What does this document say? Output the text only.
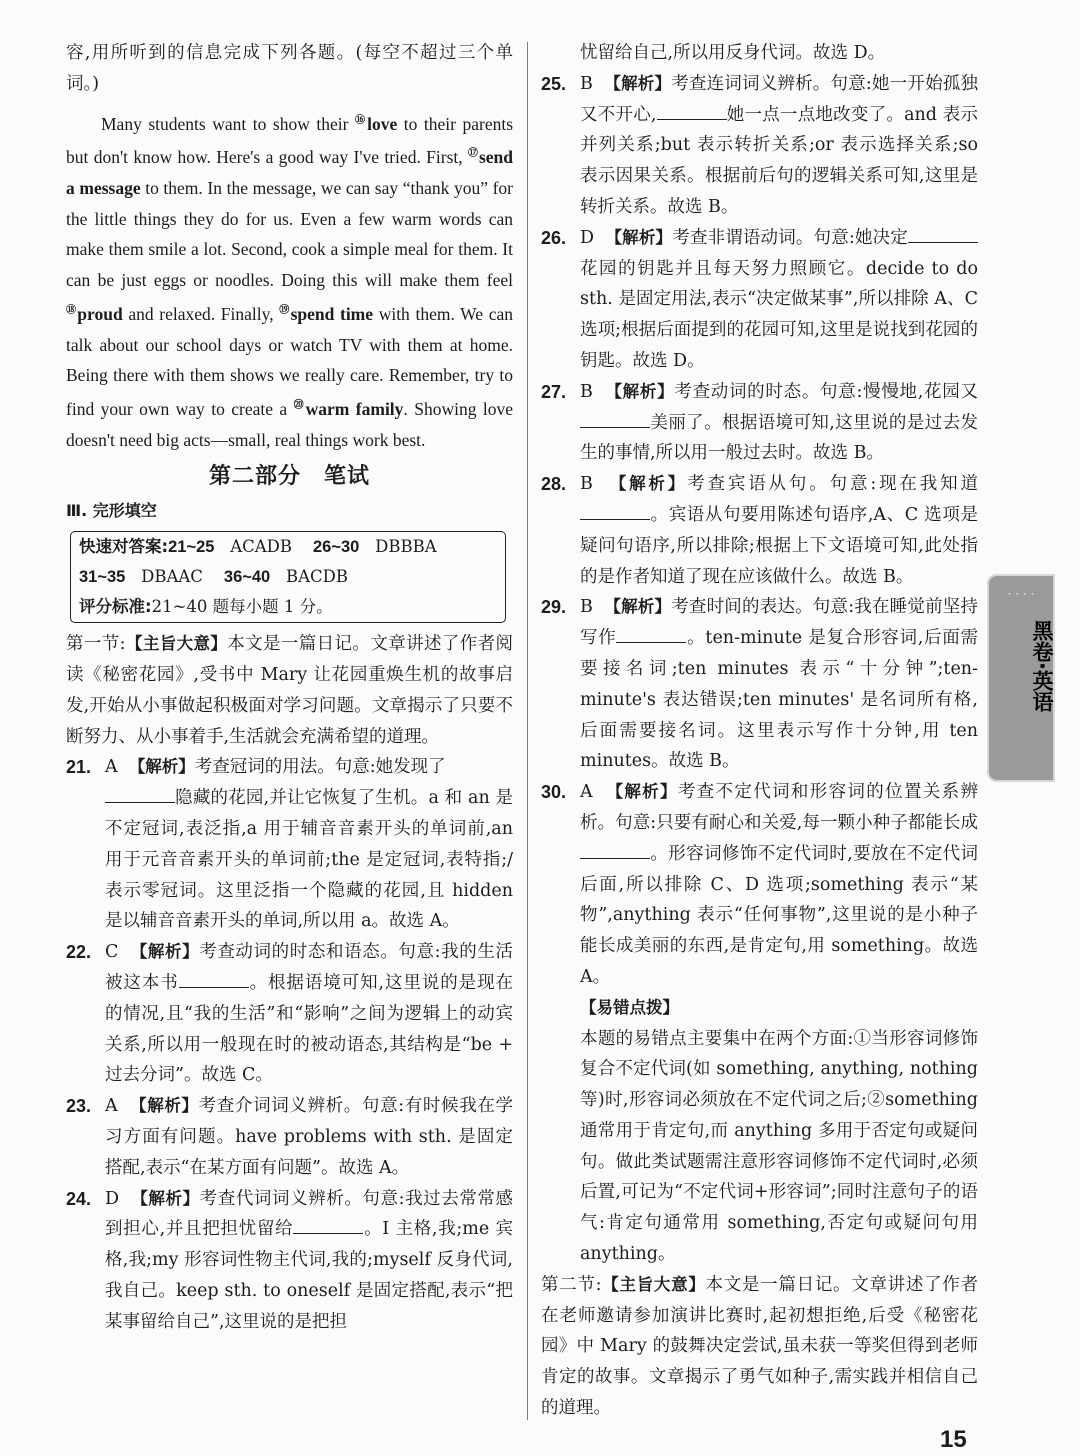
容,用所听到的信息完成下列各题。(每空不超过三个单词。)

Many students want to show their ⑯love to their parents but don't know how. Here's a good way I've tried. First, ⑰send a message to them. In the message, we can say “thank you” for the little things they do for us. Even a few warm words can make them smile a lot. Second, cook a simple meal for them. It can be just eggs or noodles. Doing this will make them feel ⑱proud and relaxed. Finally, ⑲spend time with them. We can talk about our school days or watch TV with them at home. Being there with them shows we really care. Remember, try to find your own way to create a ⑳warm family. Showing love doesn't need big acts—small, real things work best.

第二部分　笔试
Ⅲ. 完形填空
快速对答案:21~25 ACADB 26~30 DBBBA
31~35 DBAAC 36~40 BACDB
评分标准:21~40 题每小题 1 分。

第一节:【主旨大意】本文是一篇日记。文章讲述了作者阅读《秘密花园》,受书中 Mary 让花园重焕生机的故事启发,开始从小事做起积极面对学习问题。文章揭示了只要不断努力、从小事着手,生活就会充满希望的道理。

21. A 【解析】考查冠词的用法。句意:她发现了
隐藏的花园,并让它恢复了生机。a 和 an 是不定冠词,表泛指,a 用于辅音音素开头的单词前,an 用于元音音素开头的单词前;the 是定冠词,表特指;/ 表示零冠词。这里泛指一个隐藏的花园,且 hidden 是以辅音音素开头的单词,所以用 a。故选 A。
22. C 【解析】考查动词的时态和语态。句意:我的生活被这本书	。根据语境可知,这里说的是现在的情况,且“我的生活”和“影响”之间为逻辑上的动宾关系,所以用一般现在时的被动语态,其结构是“be + 过去分词”。故选 C。
23. A 【解析】考查介词词义辨析。句意:有时候我在学习方面有问题。have problems with sth. 是固定搭配,表示“在某方面有问题”。故选 A。
24. D 【解析】考查代词词义辨析。句意:我过去常常感到担心,并且把担忧留给	。I 主格,我;me 宾格,我;my 形容词性物主代词,我的;myself 反身代词,我自己。keep sth. to oneself 是固定搭配,表示“把某事留给自己”,这里说的是把担

忧留给自己,所以用反身代词。故选 D。

25. B 【解析】考查连词词义辨析。句意:她一开始孤独又不开心,	她一点一点地改变了。and 表示并列关系;but 表示转折关系;or 表示选择关系;so 表示因果关系。根据前后句的逻辑关系可知,这里是转折关系。故选 B。
26. D 【解析】考查非谓语动词。句意:她决定花园的钥匙并且每天努力照顾它。decide to do sth. 是固定用法,表示“决定做某事”,所以排除 A、C 选项;根据后面提到的花园可知,这里是说找到花园的钥匙。故选 D。
27. B 【解析】考查动词的时态。句意:慢慢地,花园又美丽了。根据语境可知,这里说的是过去发生的事情,所以用一般过去时。故选 B。
28. B 【解析】考查宾语从句。句意:现在我知道。宾语从句要用陈述句语序,A、C 选项是疑问句语序,所以排除;根据上下文语境可知,此处指的是作者知道了现在应该做什么。故选 B。
29. B 【解析】考查时间的表达。句意:我在睡觉前坚持写作	。ten-minute 是复合形容词,后面需要接名词;ten minutes 表示“十分钟”;ten-minute's 表达错误;ten minutes' 是名词所有格,后面需要接名词。这里表示写作十分钟,用 ten minutes。故选 B。
30. A 【解析】考查不定代词和形容词的位置关系辨析。句意:只要有耐心和关爱,每一颗小种子都能长成。形容词修饰不定代词时,要放在不定代词后面,所以排除 C、D 选项;something 表示“某物”,anything 表示“任何事物”,这里说的是小种子能长成美丽的东西,是肯定句,用 something。故选 A。
【易错点拨】

本题的易错点主要集中在两个方面:①当形容词修饰复合不定代词(如 something, anything, nothing 等)时,形容词必须放在不定代词之后;②something 通常用于肯定句,而 anything 多用于否定句或疑问句。做此类试题需注意形容词修饰不定代词时,必须后置,可记为“不定代词+形容词”;同时注意句子的语气:肯定句通常用 something,否定句或疑问句用 anything。

第二节:【主旨大意】本文是一篇日记。文章讲述了作者在老师邀请参加演讲比赛时,起初想拒绝,后受《秘密花园》中 Mary 的鼓舞决定尝试,虽未获一等奖但得到老师肯定的故事。文章揭示了勇气如种子,需实践并相信自己的道理。

· · · ·
黑卷·英语
15
